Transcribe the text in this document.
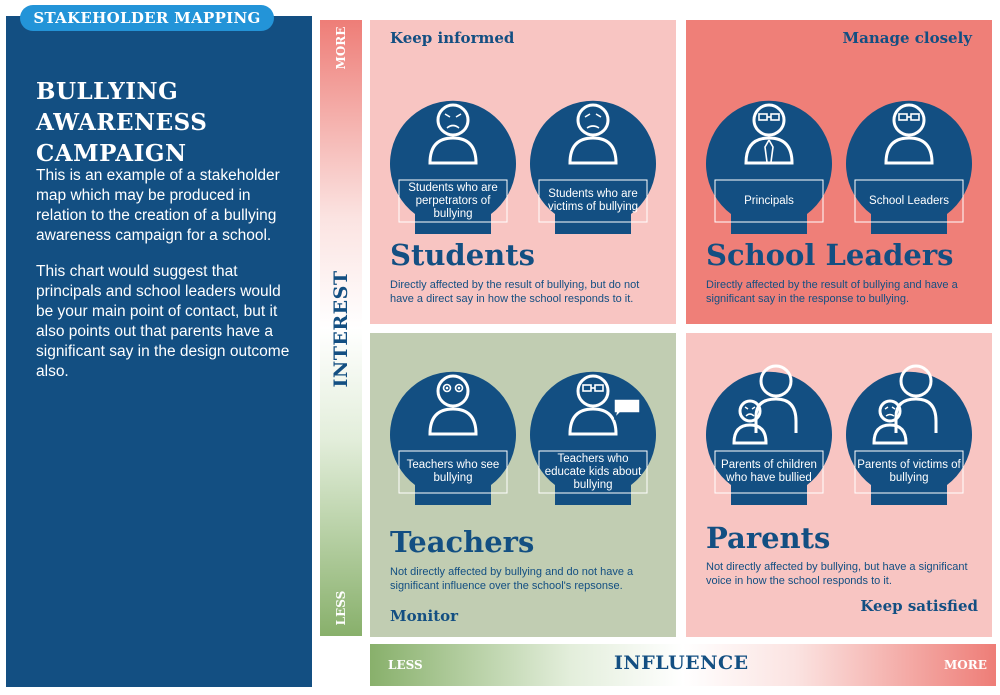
BULLYING
AWARENESS
CAMPAIGN
This is an example of a stakeholder map which may be produced in relation to the creation of a bullying awareness campaign for a school.
This chart would suggest that principals and school leaders would be your main point of contact, but it also points out that parents have a significant say in the design outcome also.
STAKEHOLDER MAPPING
MORE
INTEREST
LESS
LESS	INFLUENCE	MORE
Keep informed
Students who are perpetrators of bullying
Students who are victims of bullying
Students
Directly affected by the result of bullying, but do not have a direct say in how the school responds to it.
Manage closely
Principals	School Leaders
School Leaders
Directly affected by the result of bullying and have a significant say in the response to bullying.
Teachers who see bullying
Teachers who educate kids about bullying
Teachers
Not directly affected by bullying and do not have a significant influence over the school's repsonse.
Monitor
Parents of children who have bullied
Parents of victims of bullying
Parents
Not directly affected by bullying, but have a significant voice in how the school responds to it.
Keep satisfied
